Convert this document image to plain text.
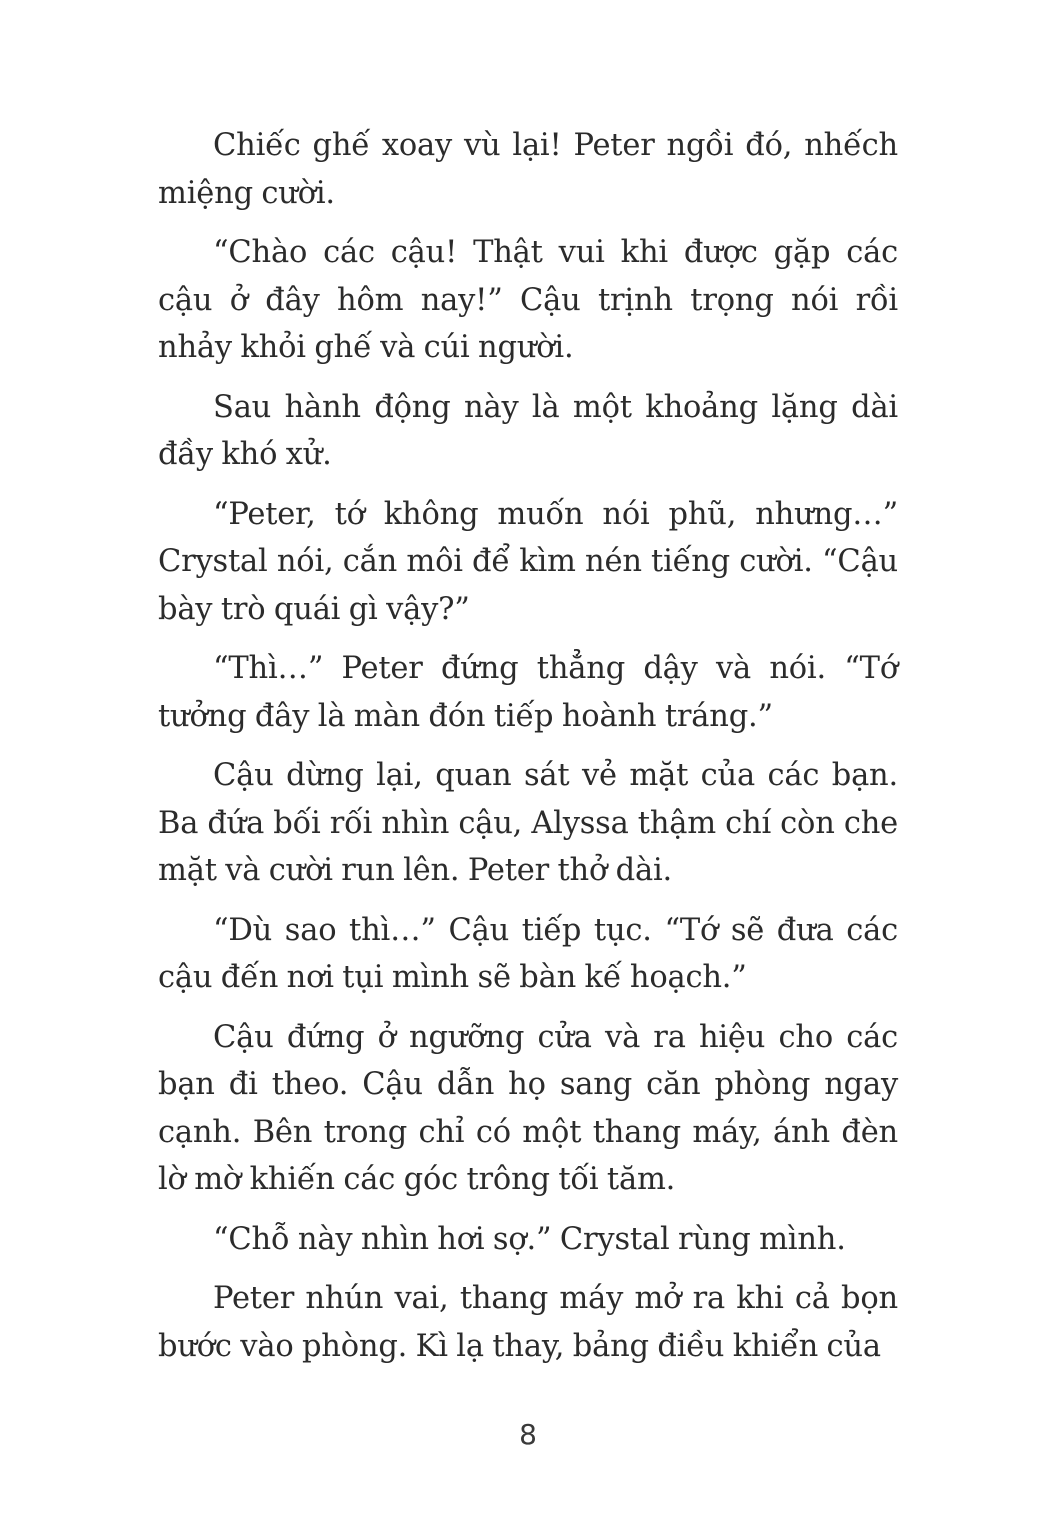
Chiếc ghế xoay vù lại! Peter ngồi đó, nhếch miệng cười.

“Chào các cậu! Thật vui khi được gặp các cậu ở đây hôm nay!” Cậu trịnh trọng nói rồi nhảy khỏi ghế và cúi người.

Sau hành động này là một khoảng lặng dài đầy khó xử.

“Peter, tớ không muốn nói phũ, nhưng…” Crystal nói, cắn môi để kìm nén tiếng cười. “Cậu bày trò quái gì vậy?”

“Thì…” Peter đứng thẳng dậy và nói. “Tớ tưởng đây là màn đón tiếp hoành tráng.”

Cậu dừng lại, quan sát vẻ mặt của các bạn. Ba đứa bối rối nhìn cậu, Alyssa thậm chí còn che mặt và cười run lên. Peter thở dài.

“Dù sao thì…” Cậu tiếp tục. “Tớ sẽ đưa các cậu đến nơi tụi mình sẽ bàn kế hoạch.”

Cậu đứng ở ngưỡng cửa và ra hiệu cho các bạn đi theo. Cậu dẫn họ sang căn phòng ngay cạnh. Bên trong chỉ có một thang máy, ánh đèn lờ mờ khiến các góc trông tối tăm.

“Chỗ này nhìn hơi sợ.” Crystal rùng mình.

Peter nhún vai, thang máy mở ra khi cả bọn bước vào phòng. Kì lạ thay, bảng điều khiển của

8
